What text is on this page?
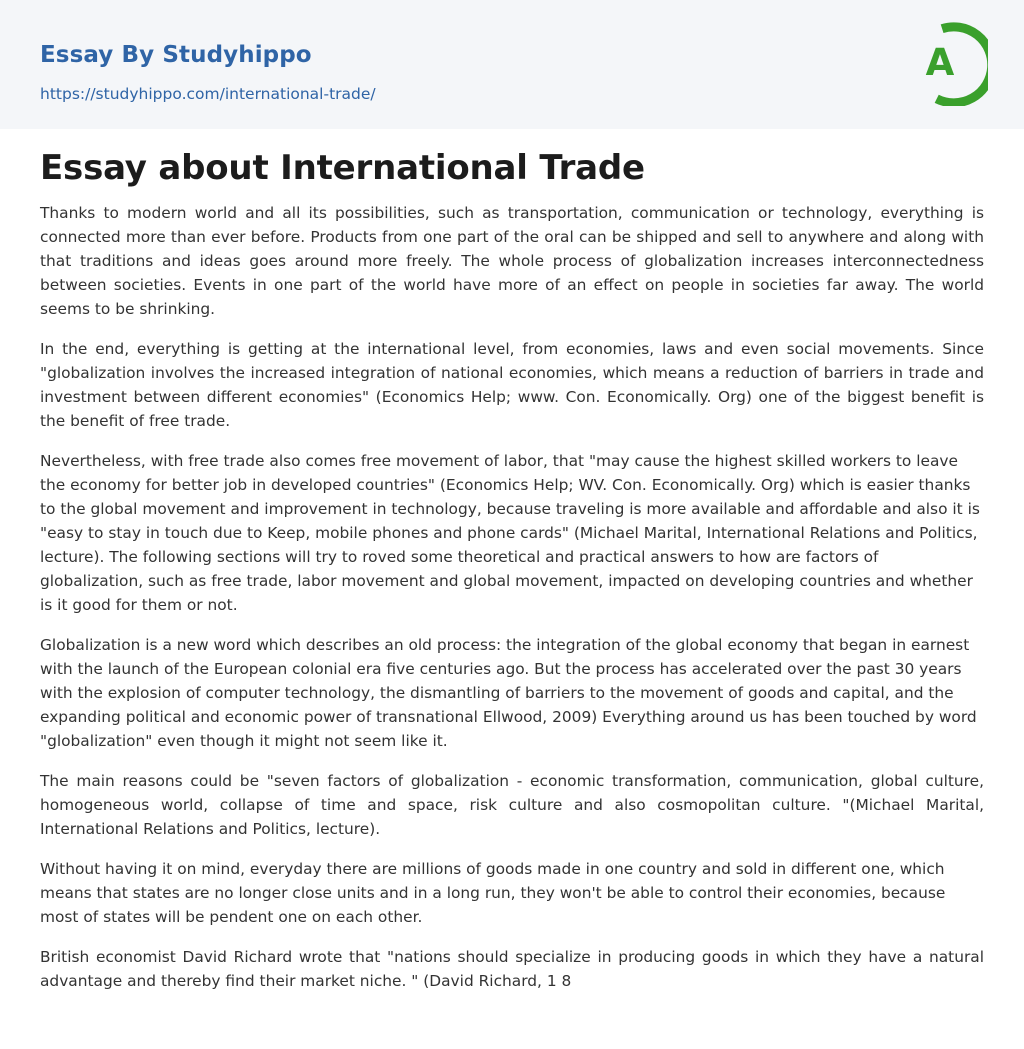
Essay By Studyhippo
https://studyhippo.com/international-trade/
A
Essay about International Trade

Thanks to modern world and all its possibilities, such as transportation, communication or technology, everything is connected more than ever before. Products from one part of the oral can be shipped and sell to anywhere and along with that traditions and ideas goes around more freely. The whole process of globalization increases interconnectedness between societies. Events in one part of the world have more of an effect on people in societies far away. The world seems to be shrinking.

In the end, everything is getting at the international level, from economies, laws and even social movements. Since "globalization involves the increased integration of national economies, which means a reduction of barriers in trade and investment between different economies" (Economics Help; www. Con. Economically. Org) one of the biggest benefit is the benefit of free trade.

Nevertheless, with free trade also comes free movement of labor, that "may cause the highest skilled workers to leave the economy for better job in developed countries" (Economics Help; WV. Con. Economically. Org) which is easier thanks to the global movement and improvement in technology, because traveling is more available and affordable and also it is "easy to stay in touch due to Keep, mobile phones and phone cards" (Michael Marital, International Relations and Politics, lecture). The following sections will try to roved some theoretical and practical answers to how are factors of globalization, such as free trade, labor movement and global movement, impacted on developing countries and whether is it good for them or not.

Globalization is a new word which describes an old process: the integration of the global economy that began in earnest with the launch of the European colonial era five centuries ago. But the process has accelerated over the past 30 years with the explosion of computer technology, the dismantling of barriers to the movement of goods and capital, and the expanding political and economic power of transnational Ellwood, 2009) Everything around us has been touched by word "globalization" even though it might not seem like it.

The main reasons could be "seven factors of globalization - economic transformation, communication, global culture, homogeneous world, collapse of time and space, risk culture and also cosmopolitan culture. "(Michael Marital, International Relations and Politics, lecture).

Without having it on mind, everyday there are millions of goods made in one country and sold in different one, which means that states are no longer close units and in a long run, they won't be able to control their economies, because most of states will be pendent one on each other.

British economist David Richard wrote that "nations should specialize in producing goods in which they have a natural advantage and thereby find their market niche. " (David Richard, 1 8
